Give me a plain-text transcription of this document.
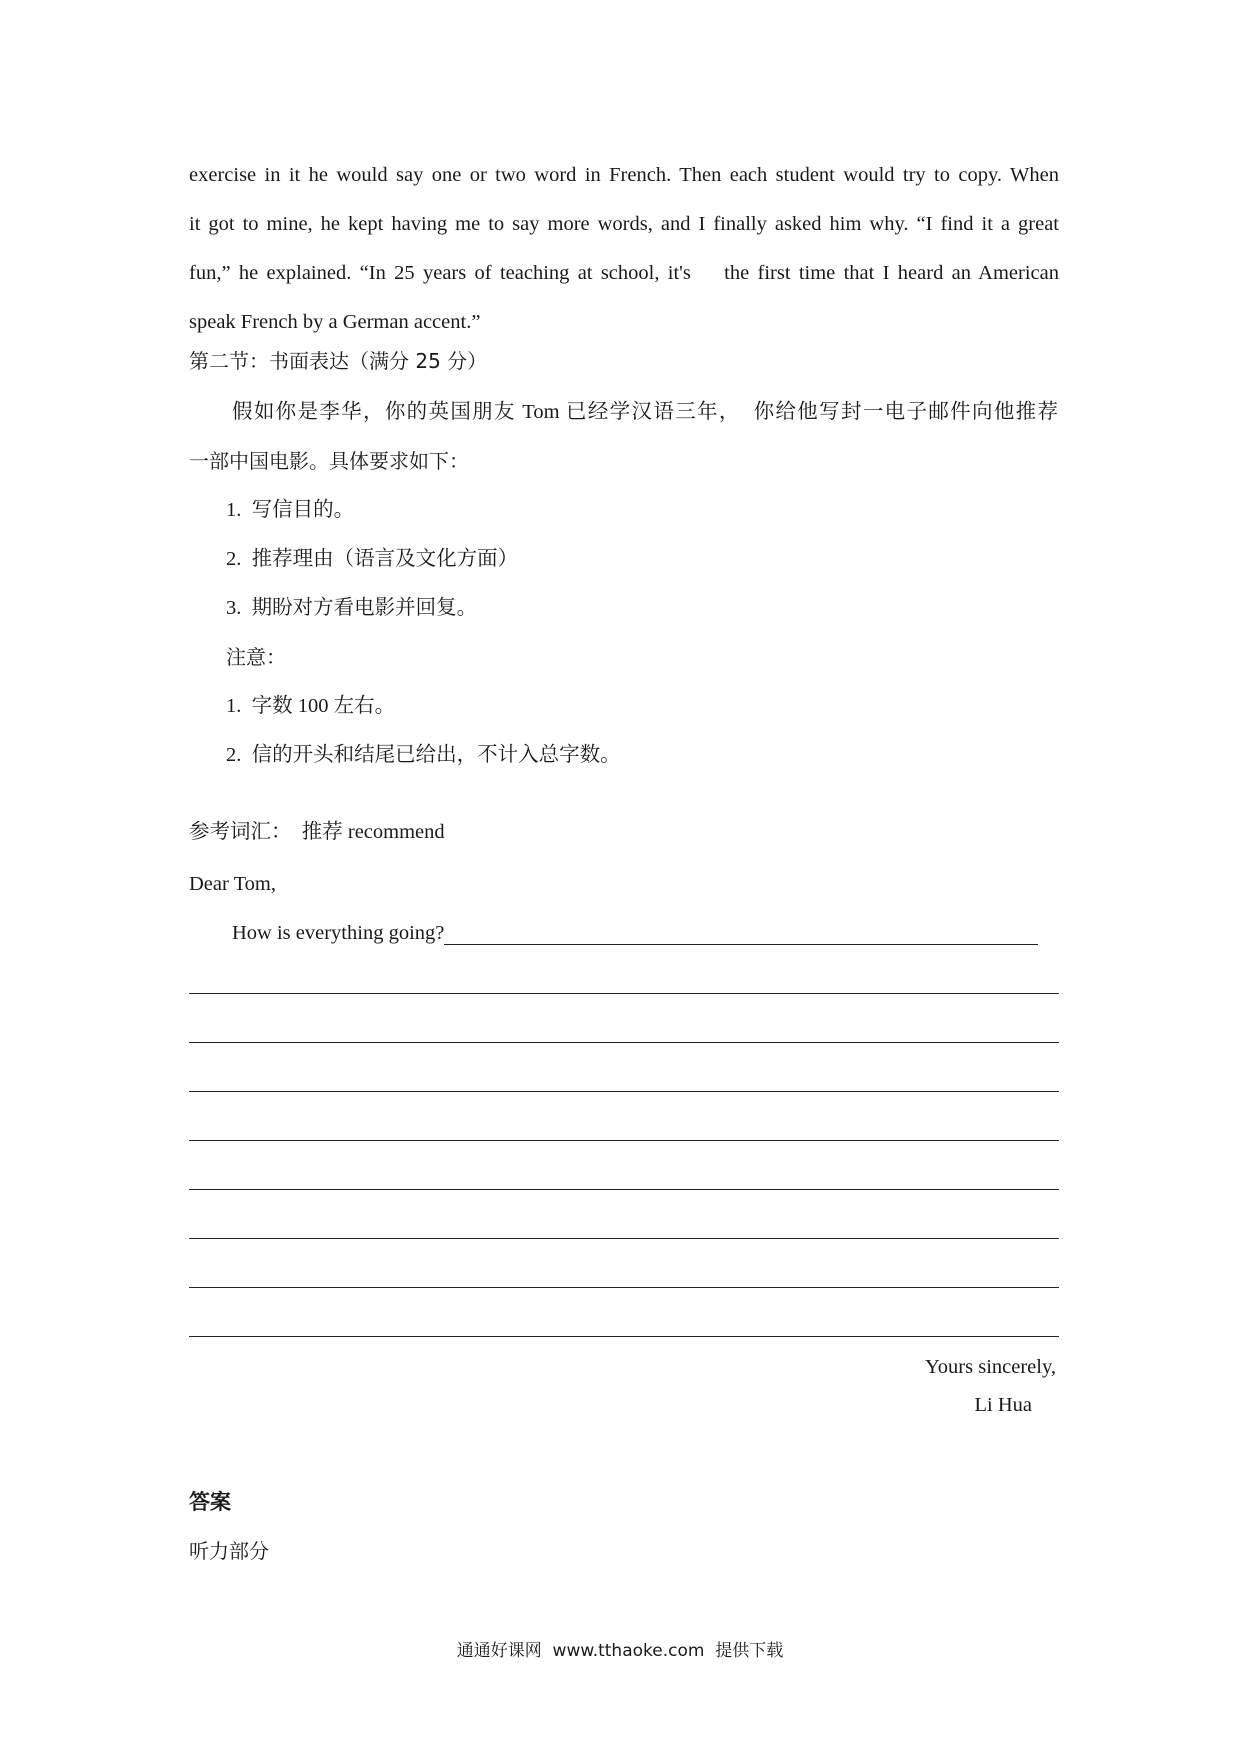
exercise in it he would say one or two word in French. Then each student would try to copy. When
it got to mine, he kept having me to say more words, and I finally asked him why. “I find it a great
fun,” he explained. “In 25 years of teaching at school, it's    the first time that I heard an American
speak French by a German accent.”
第二节：书面表达（满分 25 分）
假如你是李华，你的英国朋友 Tom 已经学汉语三年，  你给他写封一电子邮件向他推荐
一部中国电影。具体要求如下：
1.  写信目的。
2.  推荐理由（语言及文化方面）
3.  期盼对方看电影并回复。
注意：
1.  字数 100 左右。
2.  信的开头和结尾已给出，不计入总字数。
参考词汇：  推荐 recommend
Dear Tom,
How is everything going?
Yours sincerely,
Li Hua
答案
听力部分
通通好课网  www.tthaoke.com  提供下载
